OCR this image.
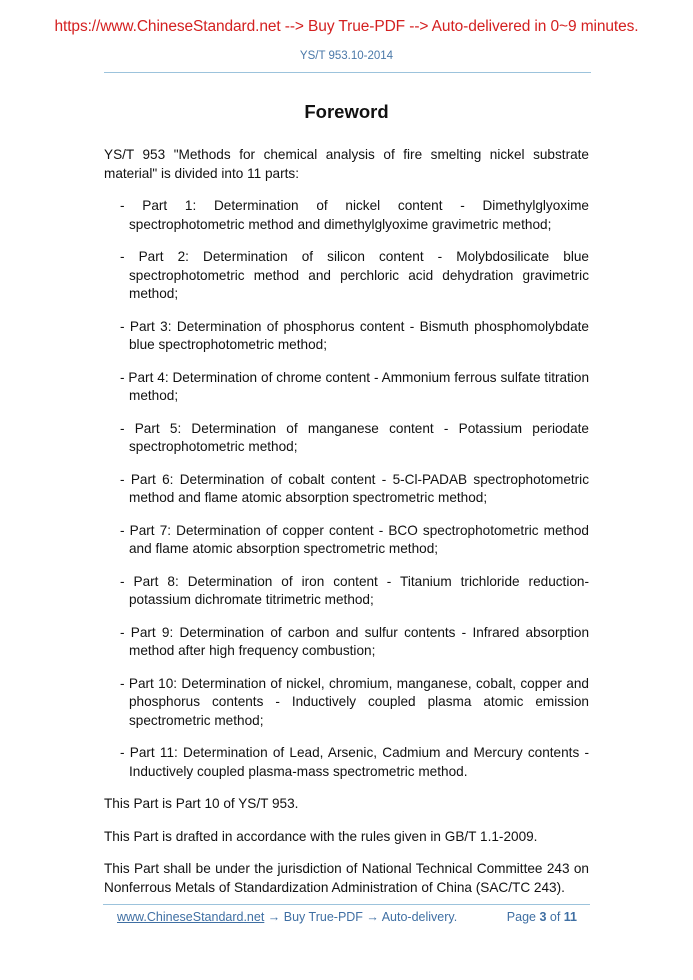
https://www.ChineseStandard.net --> Buy True-PDF --> Auto-delivered in 0~9 minutes.
YS/T 953.10-2014
Foreword

YS/T 953 "Methods for chemical analysis of fire smelting nickel substrate material" is divided into 11 parts:

- Part 1: Determination of nickel content - Dimethylglyoxime spectrophotometric method and dimethylglyoxime gravimetric method;
- Part 2: Determination of silicon content - Molybdosilicate blue spectrophotometric method and perchloric acid dehydration gravimetric method;
- Part 3: Determination of phosphorus content - Bismuth phosphomolybdate blue spectrophotometric method;
- Part 4: Determination of chrome content - Ammonium ferrous sulfate titration method;
- Part 5: Determination of manganese content - Potassium periodate spectrophotometric method;
- Part 6: Determination of cobalt content - 5-Cl-PADAB spectrophotometric method and flame atomic absorption spectrometric method;
- Part 7: Determination of copper content - BCO spectrophotometric method and flame atomic absorption spectrometric method;
- Part 8: Determination of iron content - Titanium trichloride reduction-potassium dichromate titrimetric method;
- Part 9: Determination of carbon and sulfur contents - Infrared absorption method after high frequency combustion;
- Part 10: Determination of nickel, chromium, manganese, cobalt, copper and phosphorus contents - Inductively coupled plasma atomic emission spectrometric method;
- Part 11: Determination of Lead, Arsenic, Cadmium and Mercury contents - Inductively coupled plasma-mass spectrometric method.

This Part is Part 10 of YS/T 953.

This Part is drafted in accordance with the rules given in GB/T 1.1-2009.

This Part shall be under the jurisdiction of National Technical Committee 243 on Nonferrous Metals of Standardization Administration of China (SAC/TC 243).

www.ChineseStandard.net → Buy True-PDF → Auto-delivery.	Page 3 of 11
